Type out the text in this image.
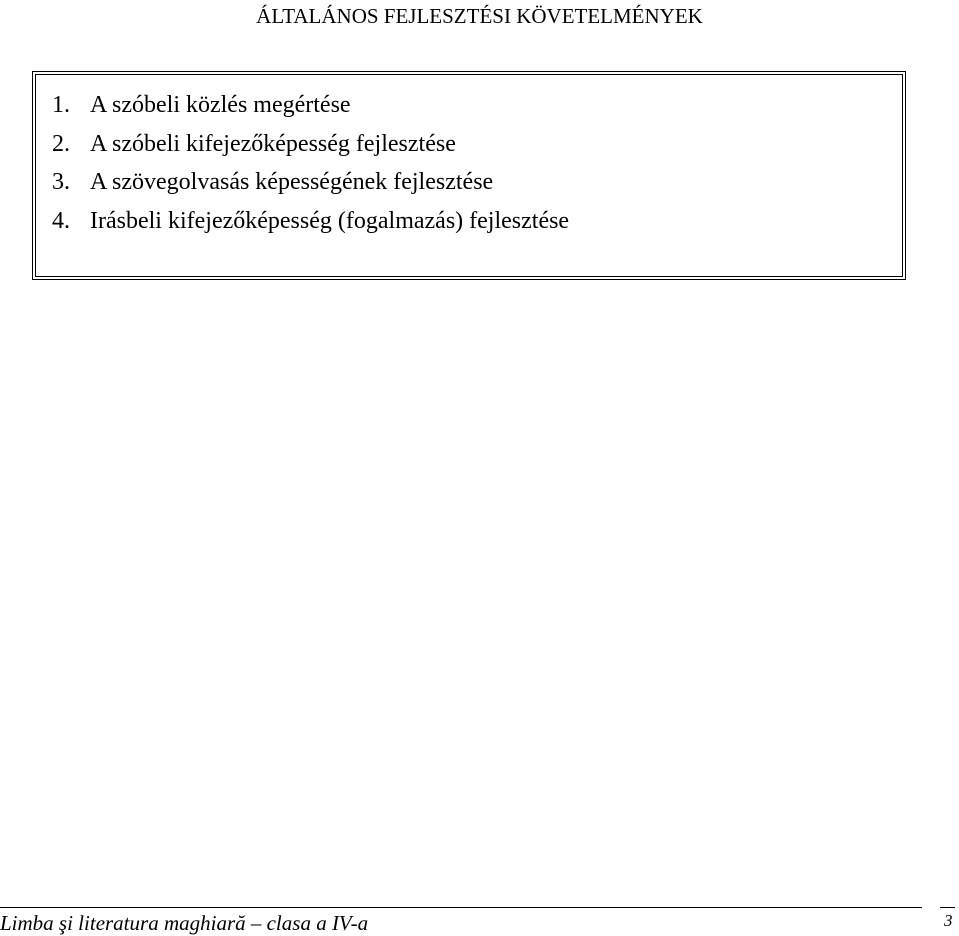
ÁLTALÁNOS FEJLESZTÉSI KÖVETELMÉNYEK
1. A szóbeli közlés megértése
2. A szóbeli kifejezőképesség fejlesztése
3. A szövegolvasás képességének fejlesztése
4. Irásbeli kifejezőképesség (fogalmazás) fejlesztése
Limba şi literatura maghiară – clasa a IV-a	3
